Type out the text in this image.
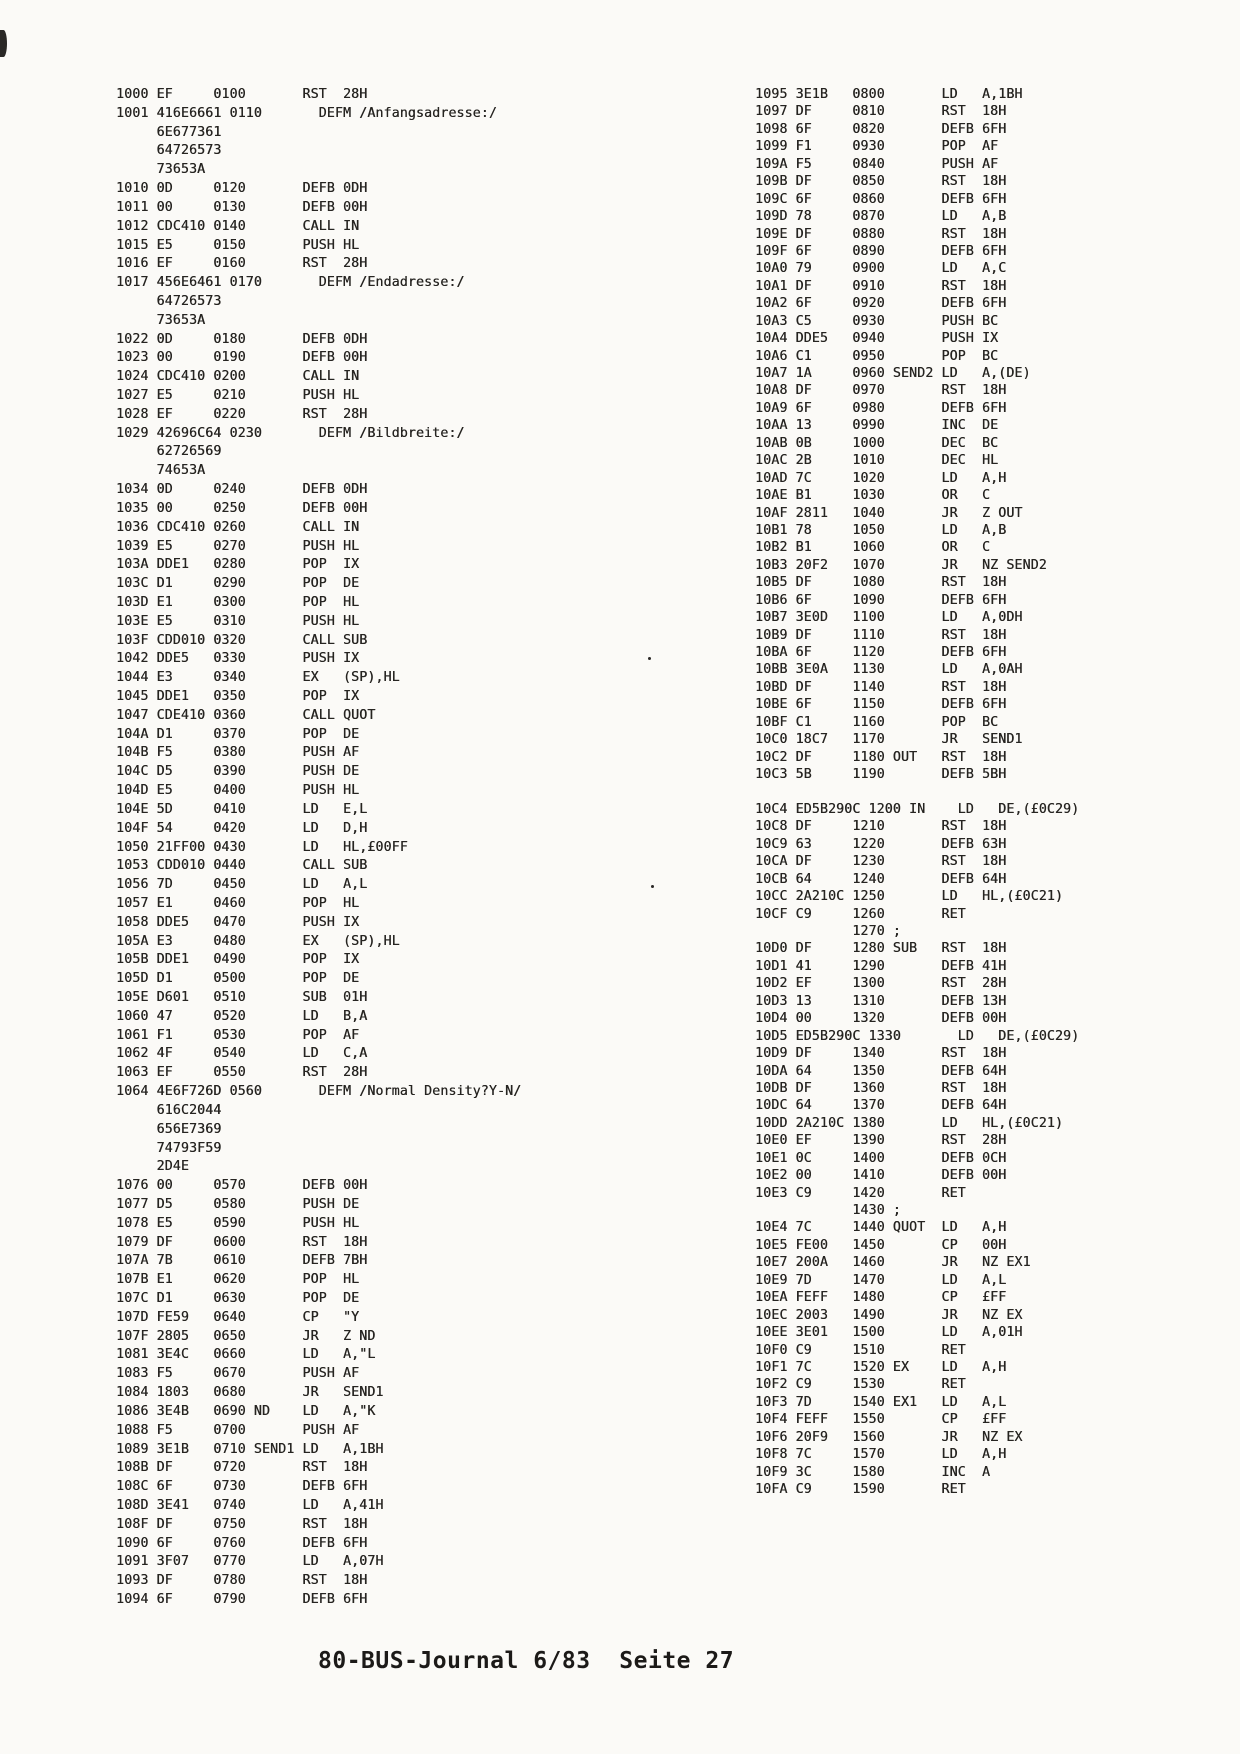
1000 EF     0100       RST  28H
1001 416E6661 0110       DEFM /Anfangsadresse:/
6E677361
64726573
73653A
1010 0D     0120       DEFB 0DH
1011 00     0130       DEFB 00H
1012 CDC410 0140       CALL IN
1015 E5     0150       PUSH HL
1016 EF     0160       RST  28H
1017 456E6461 0170       DEFM /Endadresse:/
64726573
73653A
1022 0D     0180       DEFB 0DH
1023 00     0190       DEFB 00H
1024 CDC410 0200       CALL IN
1027 E5     0210       PUSH HL
1028 EF     0220       RST  28H
1029 42696C64 0230       DEFM /Bildbreite:/
62726569
74653A
1034 0D     0240       DEFB 0DH
1035 00     0250       DEFB 00H
1036 CDC410 0260       CALL IN
1039 E5     0270       PUSH HL
103A DDE1   0280       POP  IX
103C D1     0290       POP  DE
103D E1     0300       POP  HL
103E E5     0310       PUSH HL
103F CDD010 0320       CALL SUB
1042 DDE5   0330       PUSH IX
1044 E3     0340       EX   (SP),HL
1045 DDE1   0350       POP  IX
1047 CDE410 0360       CALL QUOT
104A D1     0370       POP  DE
104B F5     0380       PUSH AF
104C D5     0390       PUSH DE
104D E5     0400       PUSH HL
104E 5D     0410       LD   E,L
104F 54     0420       LD   D,H
1050 21FF00 0430       LD   HL,£00FF
1053 CDD010 0440       CALL SUB
1056 7D     0450       LD   A,L
1057 E1     0460       POP  HL
1058 DDE5   0470       PUSH IX
105A E3     0480       EX   (SP),HL
105B DDE1   0490       POP  IX
105D D1     0500       POP  DE
105E D601   0510       SUB  01H
1060 47     0520       LD   B,A
1061 F1     0530       POP  AF
1062 4F     0540       LD   C,A
1063 EF     0550       RST  28H
1064 4E6F726D 0560       DEFM /Normal Density?Y-N/
616C2044
656E7369
74793F59
2D4E
1076 00     0570       DEFB 00H
1077 D5     0580       PUSH DE
1078 E5     0590       PUSH HL
1079 DF     0600       RST  18H
107A 7B     0610       DEFB 7BH
107B E1     0620       POP  HL
107C D1     0630       POP  DE
107D FE59   0640       CP   "Y
107F 2805   0650       JR   Z ND
1081 3E4C   0660       LD   A,"L
1083 F5     0670       PUSH AF
1084 1803   0680       JR   SEND1
1086 3E4B   0690 ND    LD   A,"K
1088 F5     0700       PUSH AF
1089 3E1B   0710 SEND1 LD   A,1BH
108B DF     0720       RST  18H
108C 6F     0730       DEFB 6FH
108D 3E41   0740       LD   A,41H
108F DF     0750       RST  18H
1090 6F     0760       DEFB 6FH
1091 3F07   0770       LD   A,07H
1093 DF     0780       RST  18H
1094 6F     0790       DEFB 6FH
1095 3E1B   0800       LD   A,1BH
1097 DF     0810       RST  18H
1098 6F     0820       DEFB 6FH
1099 F1     0930       POP  AF
109A F5     0840       PUSH AF
109B DF     0850       RST  18H
109C 6F     0860       DEFB 6FH
109D 78     0870       LD   A,B
109E DF     0880       RST  18H
109F 6F     0890       DEFB 6FH
10A0 79     0900       LD   A,C
10A1 DF     0910       RST  18H
10A2 6F     0920       DEFB 6FH
10A3 C5     0930       PUSH BC
10A4 DDE5   0940       PUSH IX
10A6 C1     0950       POP  BC
10A7 1A     0960 SEND2 LD   A,(DE)
10A8 DF     0970       RST  18H
10A9 6F     0980       DEFB 6FH
10AA 13     0990       INC  DE
10AB 0B     1000       DEC  BC
10AC 2B     1010       DEC  HL
10AD 7C     1020       LD   A,H
10AE B1     1030       OR   C
10AF 2811   1040       JR   Z OUT
10B1 78     1050       LD   A,B
10B2 B1     1060       OR   C
10B3 20F2   1070       JR   NZ SEND2
10B5 DF     1080       RST  18H
10B6 6F     1090       DEFB 6FH
10B7 3E0D   1100       LD   A,0DH
10B9 DF     1110       RST  18H
10BA 6F     1120       DEFB 6FH
10BB 3E0A   1130       LD   A,0AH
10BD DF     1140       RST  18H
10BE 6F     1150       DEFB 6FH
10BF C1     1160       POP  BC
10C0 18C7   1170       JR   SEND1
10C2 DF     1180 OUT   RST  18H
10C3 5B     1190       DEFB 5BH
10C4 ED5B290C 1200 IN    LD   DE,(£0C29)
10C8 DF     1210       RST  18H
10C9 63     1220       DEFB 63H
10CA DF     1230       RST  18H
10CB 64     1240       DEFB 64H
10CC 2A210C 1250       LD   HL,(£0C21)
10CF C9     1260       RET
1270 ;
10D0 DF     1280 SUB   RST  18H
10D1 41     1290       DEFB 41H
10D2 EF     1300       RST  28H
10D3 13     1310       DEFB 13H
10D4 00     1320       DEFB 00H
10D5 ED5B290C 1330       LD   DE,(£0C29)
10D9 DF     1340       RST  18H
10DA 64     1350       DEFB 64H
10DB DF     1360       RST  18H
10DC 64     1370       DEFB 64H
10DD 2A210C 1380       LD   HL,(£0C21)
10E0 EF     1390       RST  28H
10E1 0C     1400       DEFB 0CH
10E2 00     1410       DEFB 00H
10E3 C9     1420       RET
1430 ;
10E4 7C     1440 QUOT  LD   A,H
10E5 FE00   1450       CP   00H
10E7 200A   1460       JR   NZ EX1
10E9 7D     1470       LD   A,L
10EA FEFF   1480       CP   £FF
10EC 2003   1490       JR   NZ EX
10EE 3E01   1500       LD   A,01H
10F0 C9     1510       RET
10F1 7C     1520 EX    LD   A,H
10F2 C9     1530       RET
10F3 7D     1540 EX1   LD   A,L
10F4 FEFF   1550       CP   £FF
10F6 20F9   1560       JR   NZ EX
10F8 7C     1570       LD   A,H
10F9 3C     1580       INC  A
10FA C9     1590       RET
80-BUS-Journal 6/83  Seite 27
